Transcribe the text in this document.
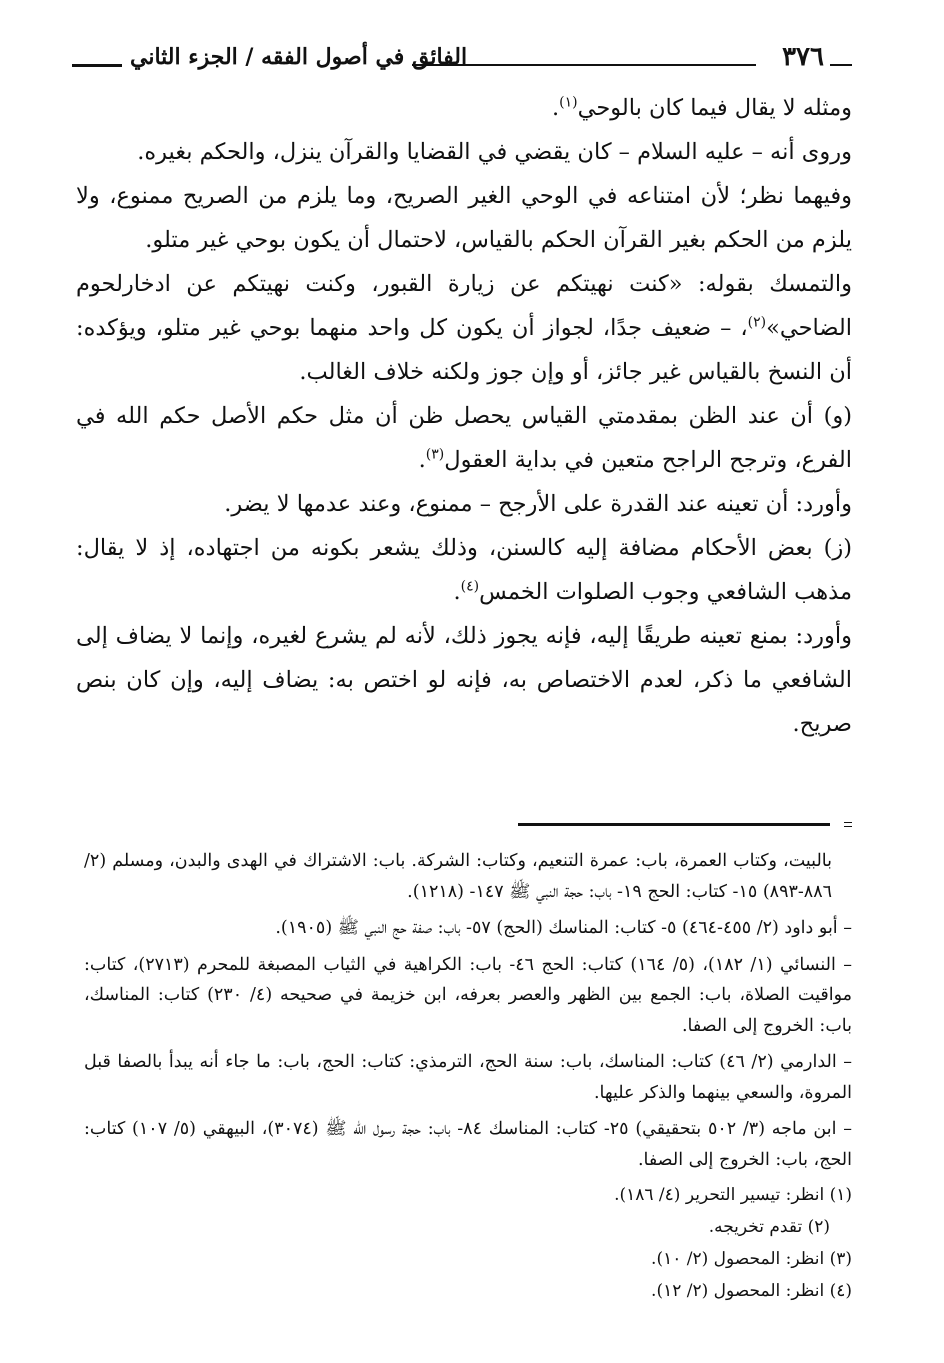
٣٧٦
الفائق في أصول الفقه / الجزء الثاني

ومثله لا يقال فيما كان بالوحي$^{(١)}$.

وروى أنه – عليه السلام – كان يقضي في القضايا والقرآن ينزل، والحكم بغيره.

وفيهما نظر؛ لأن امتناعه في الوحي الغير الصريح، وما يلزم من الصريح ممنوع، ولا يلزم من الحكم بغير القرآن الحكم بالقياس، لاحتمال أن يكون بوحي غير متلو.

والتمسك بقوله: «كنت نهيتكم عن زيارة القبور، وكنت نهيتكم عن ادخارلحوم الضاحي»$^{(٢)}$، – ضعيف جدًا، لجواز أن يكون كل واحد منهما بوحي غير متلو، ويؤكده: أن النسخ بالقياس غير جائز، أو وإن جوز ولكنه خلاف الغالب.

(و) أن عند الظن بمقدمتي القياس يحصل ظن أن مثل حكم الأصل حكم الله في الفرع، وترجح الراجح متعين في بداية العقول$^{(٣)}$.

وأورد: أن تعينه عند القدرة على الأرجح – ممنوع، وعند عدمها لا يضر.

(ز) بعض الأحكام مضافة إليه كالسنن، وذلك يشعر بكونه من اجتهاده، إذ لا يقال: مذهب الشافعي وجوب الصلوات الخمس$^{(٤)}$.

وأورد: بمنع تعينه طريقًا إليه، فإنه يجوز ذلك، لأنه لم يشرع لغيره، وإنما لا يضاف إلى الشافعي ما ذكر، لعدم الاختصاص به، فإنه لو اختص به: يضاف إليه، وإن كان بنص صريح.

بالبيت، وكتاب العمرة، باب: عمرة التنعيم، وكتاب: الشركة. باب: الاشتراك في الهدى والبدن، ومسلم (٢/ ٨٨٦-٨٩٣) ١٥- كتاب: الحج ١٩- باب: حجة النبي ﷺ ١٤٧- (١٢١٨).

– أبو داود (٢/ ٤٥٥-٤٦٤) ٥- كتاب: المناسك (الحج) ٥٧- باب: صفة حج النبي ﷺ (١٩٠٥).

– النسائي (١/ ١٨٢)، (٥/ ١٦٤) كتاب: الحج ٤٦- باب: الكراهية في الثياب المصبغة للمحرم (٢٧١٣)، كتاب: مواقيت الصلاة، باب: الجمع بين الظهر والعصر بعرفه، ابن خزيمة في صحيحه (٤/ ٢٣٠) كتاب: المناسك، باب: الخروج إلى الصفا.

– الدارمي (٢/ ٤٦) كتاب: المناسك، باب: سنة الحج، الترمذي: كتاب: الحج، باب: ما جاء أنه يبدأ بالصفا قبل المروة، والسعي بينهما والذكر عليها.

– ابن ماجه (٣/ ٥٠٢ بتحقيقي) ٢٥- كتاب: المناسك ٨٤- باب: حجة رسول الله ﷺ (٣٠٧٤)، البيهقي (٥/ ١٠٧) كتاب: الحج، باب: الخروج إلى الصفا.

(١) انظر: تيسير التحرير (٤/ ١٨٦).

(٢) تقدم تخريجه.

(٣) انظر: المحصول (٢/ ١٠).

(٤) انظر: المحصول (٢/ ١٢).
